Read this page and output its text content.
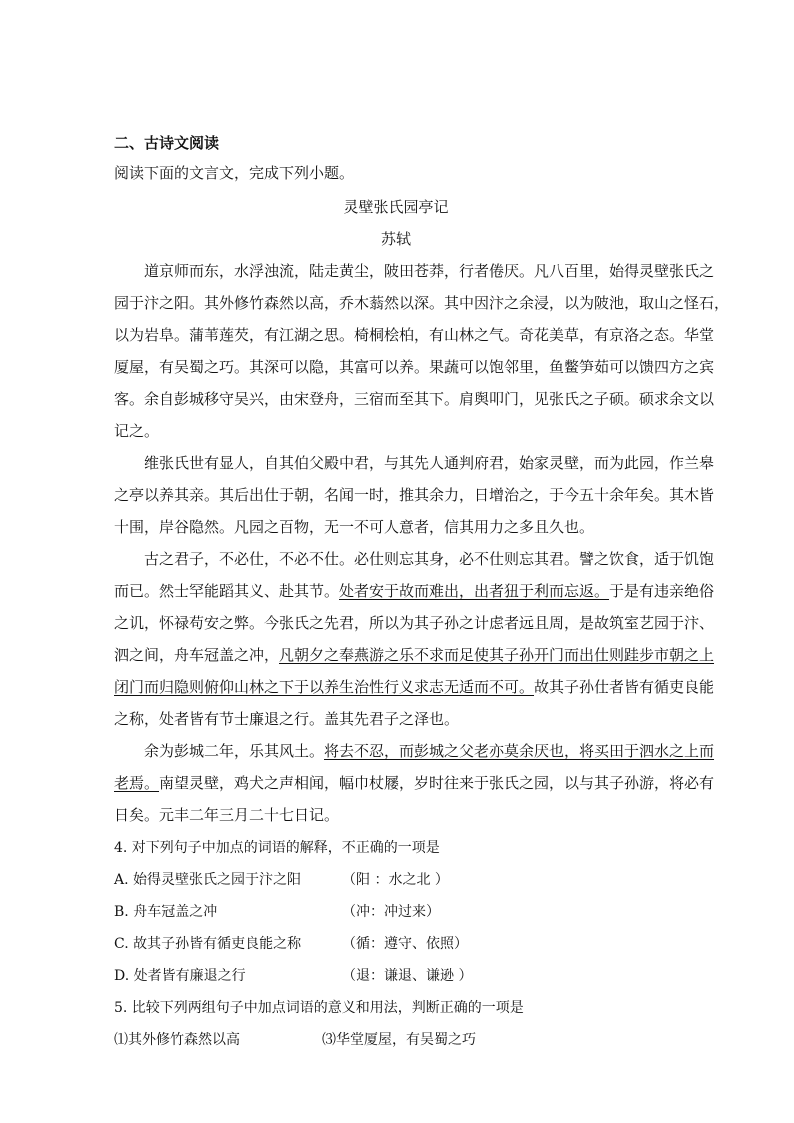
二、古诗文阅读
阅读下面的文言文，完成下列小题。
灵壁张氏园亭记
苏轼
　　道京师而东，水浮浊流，陆走黄尘，陂田苍莽，行者倦厌。凡八百里，始得灵壁张氏之
园于汴之阳。其外修竹森然以高，乔木蓊然以深。其中因汴之余浸，以为陂池，取山之怪石，
以为岩阜。蒲苇莲芡，有江湖之思。椅桐桧柏，有山林之气。奇花美草，有京洛之态。华堂
厦屋，有吴蜀之巧。其深可以隐，其富可以养。果蔬可以饱邻里，鱼鳖笋茹可以馈四方之宾
客。余自彭城移守吴兴，由宋登舟，三宿而至其下。肩舆叩门，见张氏之子硕。硕求余文以
记之。
　　维张氏世有显人，自其伯父殿中君，与其先人通判府君，始家灵壁，而为此园，作兰皋
之亭以养其亲。其后出仕于朝，名闻一时，推其余力，日增治之，于今五十余年矣。其木皆
十围，岸谷隐然。凡园之百物，无一不可人意者，信其用力之多且久也。
　　古之君子，不必仕，不必不仕。必仕则忘其身，必不仕则忘其君。譬之饮食，适于饥饱
而已。然士罕能蹈其义、赴其节。处者安于故而难出，出者狃于利而忘返。于是有违亲绝俗
之讥，怀禄苟安之弊。今张氏之先君，所以为其子孙之计虑者远且周，是故筑室艺园于汴、
泗之间，舟车冠盖之冲，凡朝夕之奉燕游之乐不求而足使其子孙开门而出仕则跬步市朝之上
闭门而归隐则俯仰山林之下于以养生治性行义求志无适而不可。故其子孙仕者皆有循吏良能
之称，处者皆有节士廉退之行。盖其先君子之泽也。
　　余为彭城二年，乐其风土。将去不忍，而彭城之父老亦莫余厌也，将买田于泗水之上而
老焉。南望灵壁，鸡犬之声相闻，幅巾杖屦，岁时往来于张氏之园，以与其子孙游，将必有
日矣。元丰二年三月二十七日记。
4. 对下列句子中加点的词语的解释，不正确的一项是
A. 始得灵壁张氏之园于汴之阳	（阳 ：水之北 ）
B. 舟车冠盖之冲	（冲：冲过来）
C. 故其子孙皆有循吏良能之称	（循：遵守、依照）
D. 处者皆有廉退之行	（退：谦退、谦逊 ）
5. 比较下列两组句子中加点词语的意义和用法，判断正确的一项是
⑴其外修竹森然以高	⑶华堂厦屋，有吴蜀之巧
